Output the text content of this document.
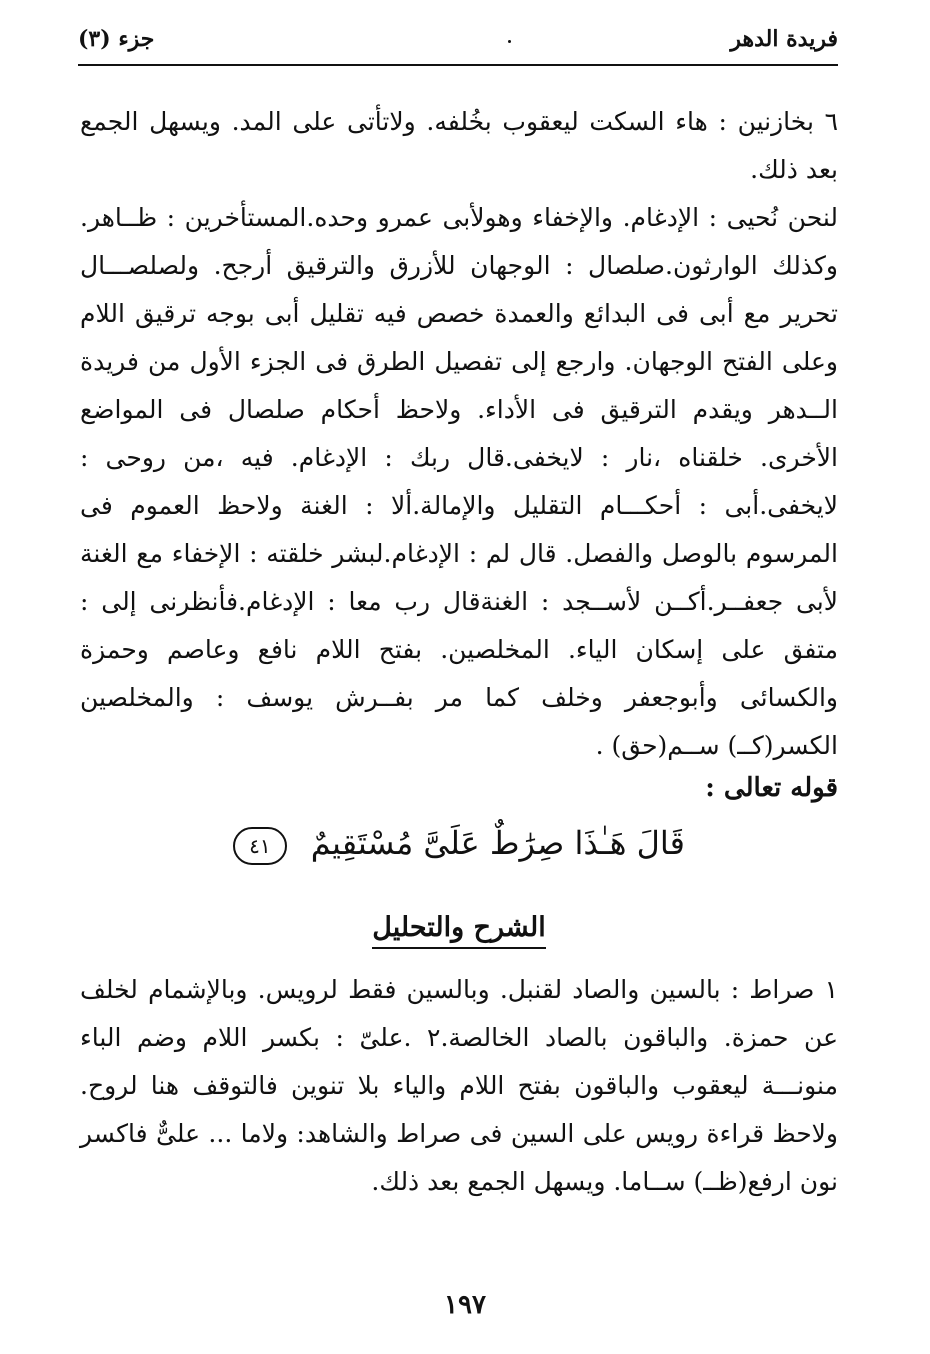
فريدة الدهر
جزء (٣)
٦ بخازنين : هاء السكت ليعقوب بخُلفه. ولاتأتى على المد. ويسهل الجمع بعد ذلك.
لنحن نُحيى : الإدغام. والإخفاء وهولأبى عمرو وحده.المستأخرين : ظــاهر. وكذلك الوارثون.صلصال : الوجهان للأزرق والترقيق أرجح. ولصلصـــال تحرير مع أبى فى البدائع والعمدة خصص فيه تقليل أبى بوجه ترقيق اللام وعلى الفتح الوجهان. وارجع إلى تفصيل الطرق فى الجزء الأول من فريدة الــدهر ويقدم الترقيق فى الأداء. ولاحظ أحكام صلصال فى المواضع الأخرى. خلقناه ،نار : لايخفى.قال ربك : الإدغام. فيه ،من روحى : لايخفى.أبى : أحكـــام التقليل والإمالة.ألا : الغنة ولاحظ العموم فى المرسوم بالوصل والفصل. قال لم : الإدغام.لبشر خلقته : الإخفاء مع الغنة لأبى جعفــر.أكــن لأســجد : الغنةقال رب معا : الإدغام.فأنظرنى إلى : متفق على إسكان الياء. المخلصين. بفتح اللام نافع وعاصم وحمزة والكسائى وأبوجعفر وخلف كما مر بفــرش يوسف : والمخلصين الكسر(كــ) ســم(حق) .
قوله تعالى :
قَالَ هَـٰذَا صِرَٰطٌ عَلَىَّ مُسْتَقِيمٌ ٤١
الشرح والتحليل
١ صراط : بالسين والصاد لقنبل. وبالسين فقط لرويس. وبالإشمام لخلف عن حمزة. والباقون بالصاد الخالصة.٢ .علىّ : بكسر اللام وضم الباء منونـــة ليعقوب والباقون بفتح اللام والياء بلا تنوين فالتوقف هنا لروح. ولاحظ قراءة رويس على السين فى صراط والشاهد: ولاما ... علىٌّ فاكسر نون ارفع(ظــ) ســاما. ويسهل الجمع بعد ذلك.
١٩٧
